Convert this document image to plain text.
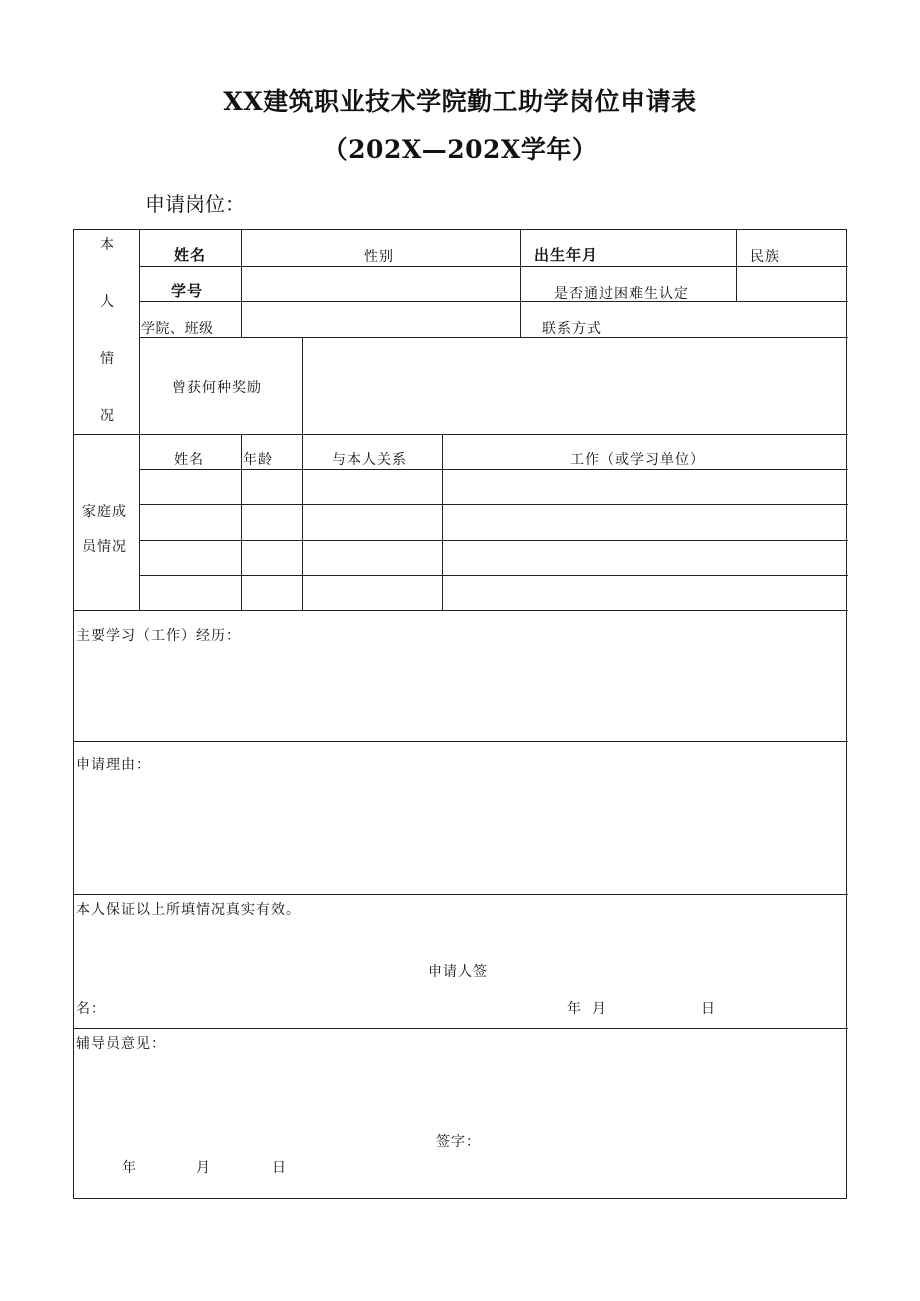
XX建筑职业技术学院勤工助学岗位申请表
（202X—202X学年）
申请岗位：
本
人
情
况
姓名	性别	出生年月	民族
学号	是否通过困难生认定
学院、班级	联系方式
曾获何种奖励
家庭成
员情况
姓名	年龄	与本人关系	工作（或学习单位）
主要学习（工作）经历：
申请理由：
本人保证以上所填情况真实有效。
申请人签
名：	年 月	日
辅导员意见：
签字：
年	月	日
